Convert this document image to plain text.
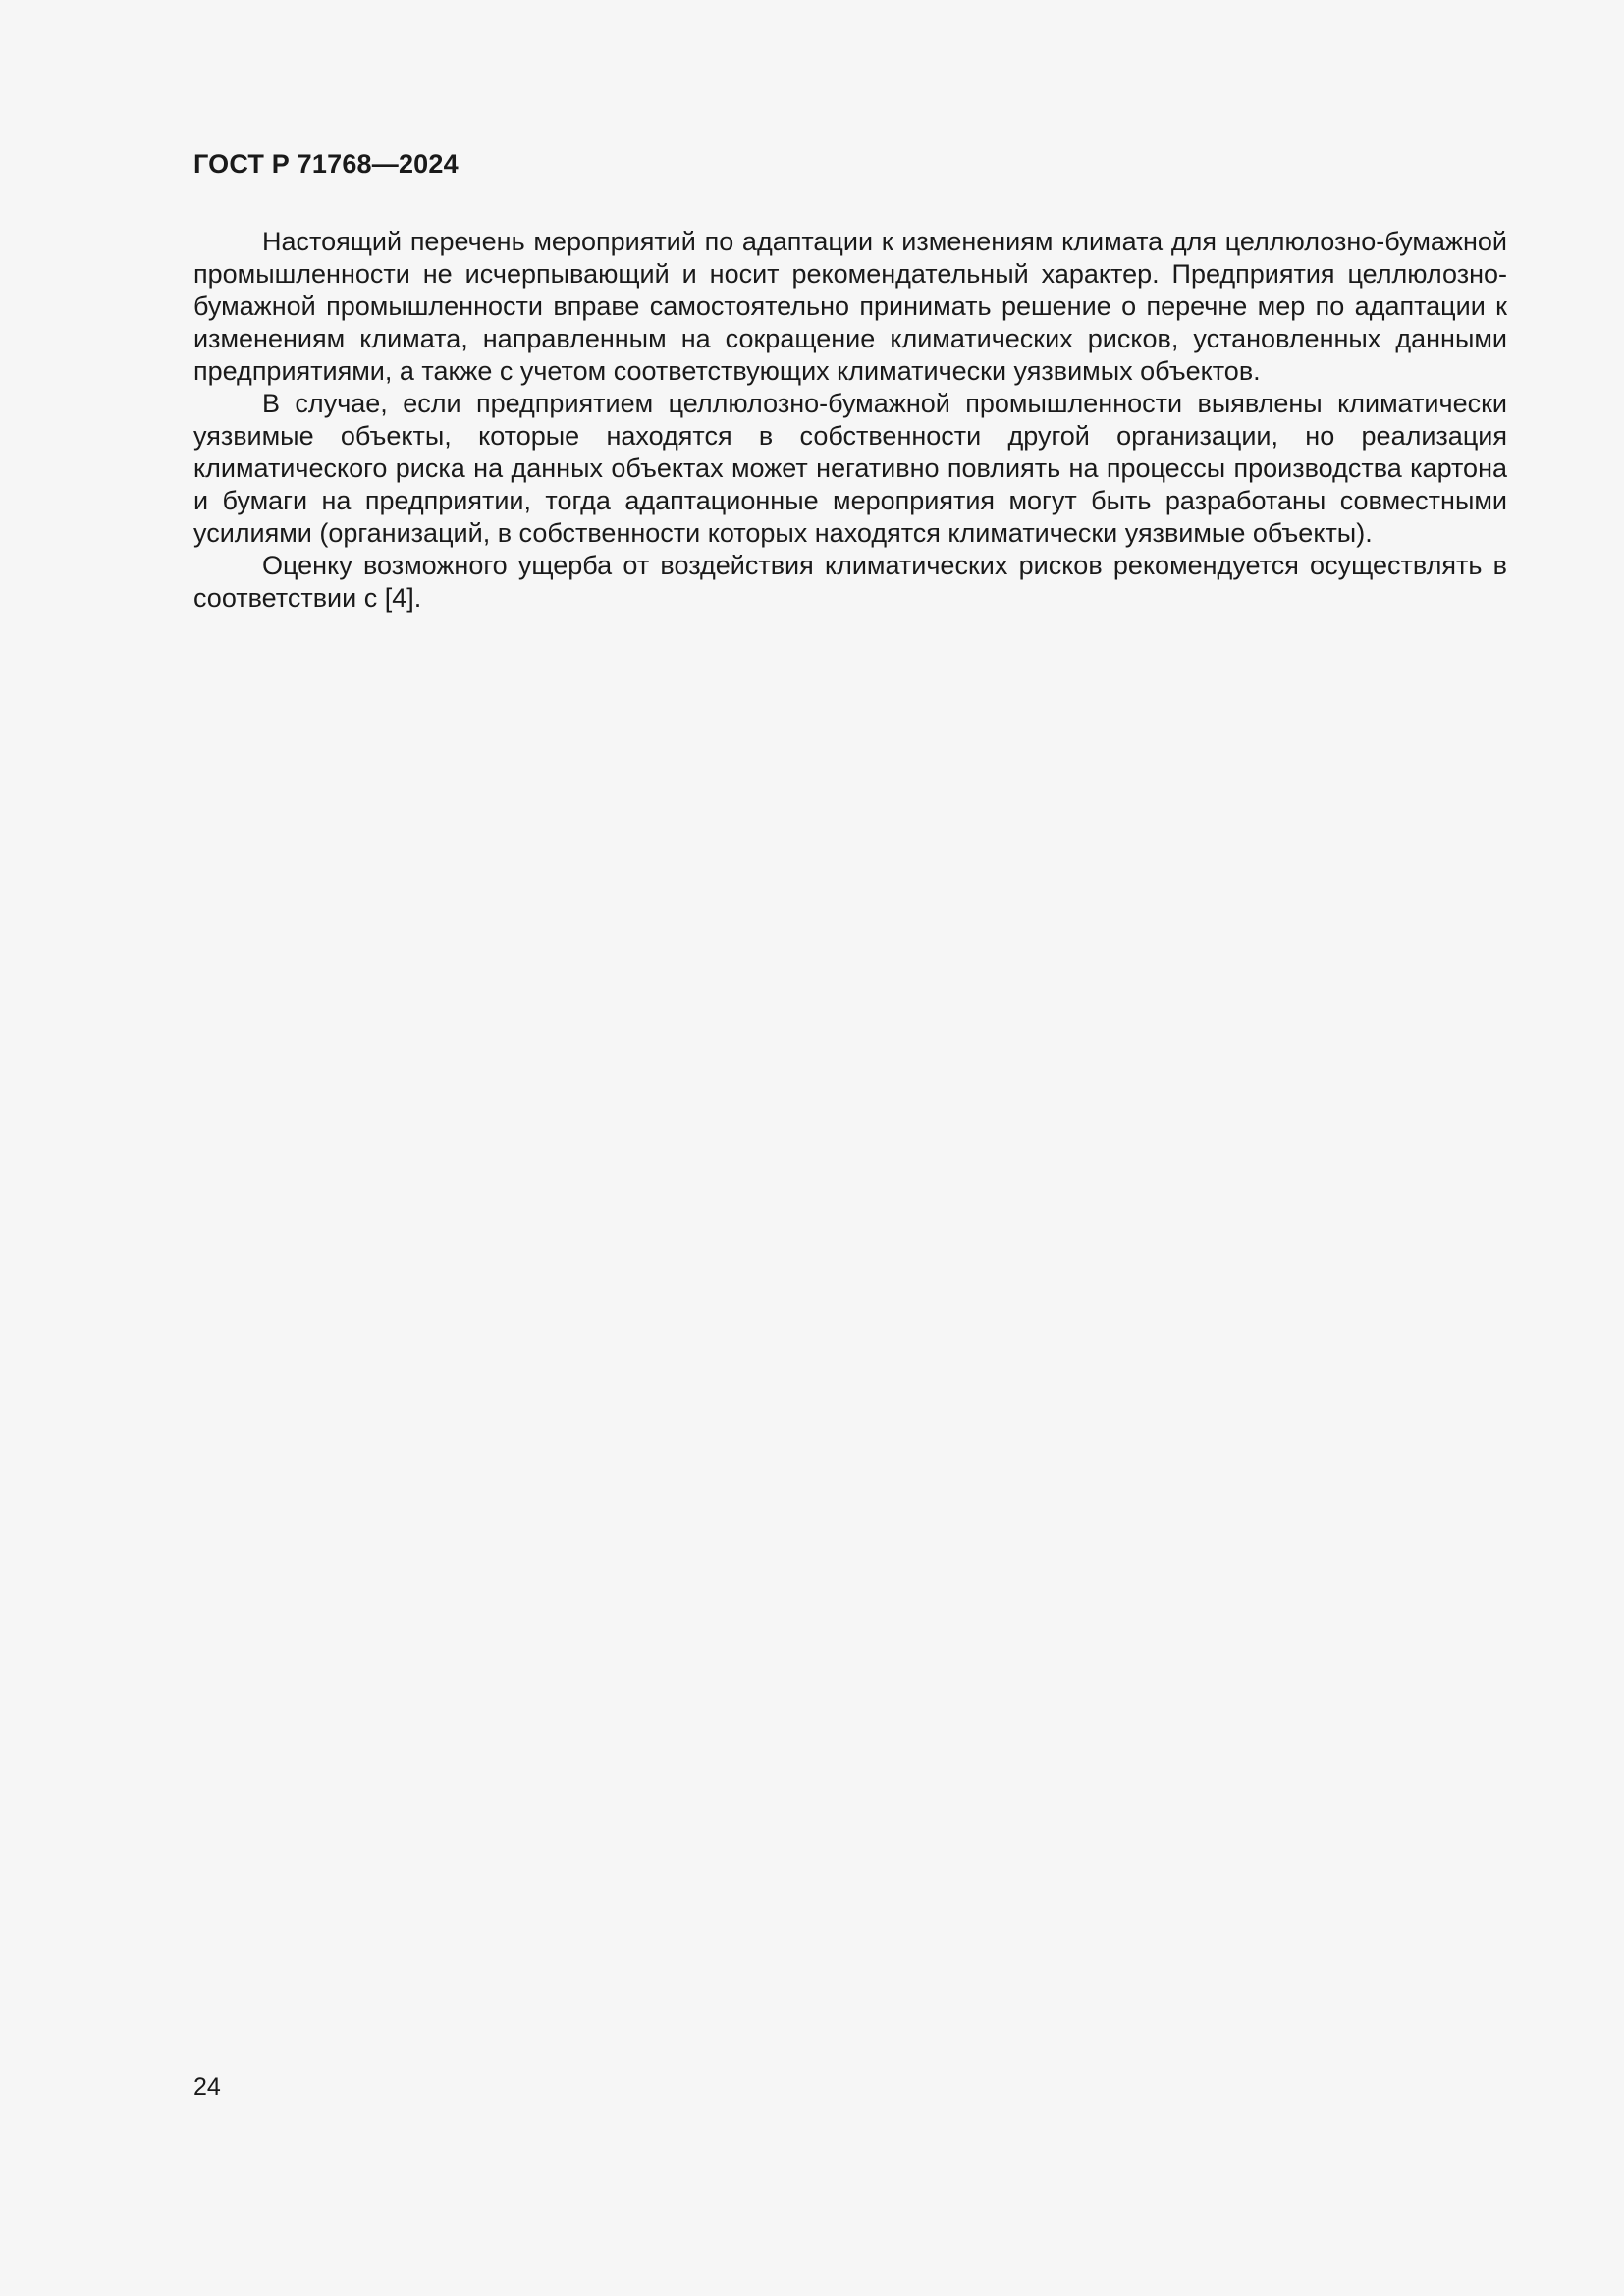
ГОСТ Р 71768—2024

Настоящий перечень мероприятий по адаптации к изменениям климата для целлюлозно-бумажной промышленности не исчерпывающий и носит рекомендательный характер. Предприятия целлюлозно-бумажной промышленности вправе самостоятельно принимать решение о перечне мер по адаптации к изменениям климата, направленным на сокращение климатических рисков, установленных данными предприятиями, а также с учетом соответствующих климатически уязвимых объектов.

В случае, если предприятием целлюлозно-бумажной промышленности выявлены климатически уязвимые объекты, которые находятся в собственности другой организации, но реализация климатического риска на данных объектах может негативно повлиять на процессы производства картона и бумаги на предприятии, тогда адаптационные мероприятия могут быть разработаны совместными усилиями (организаций, в собственности которых находятся климатически уязвимые объекты).

Оценку возможного ущерба от воздействия климатических рисков рекомендуется осуществлять в соответствии с [4].

24
